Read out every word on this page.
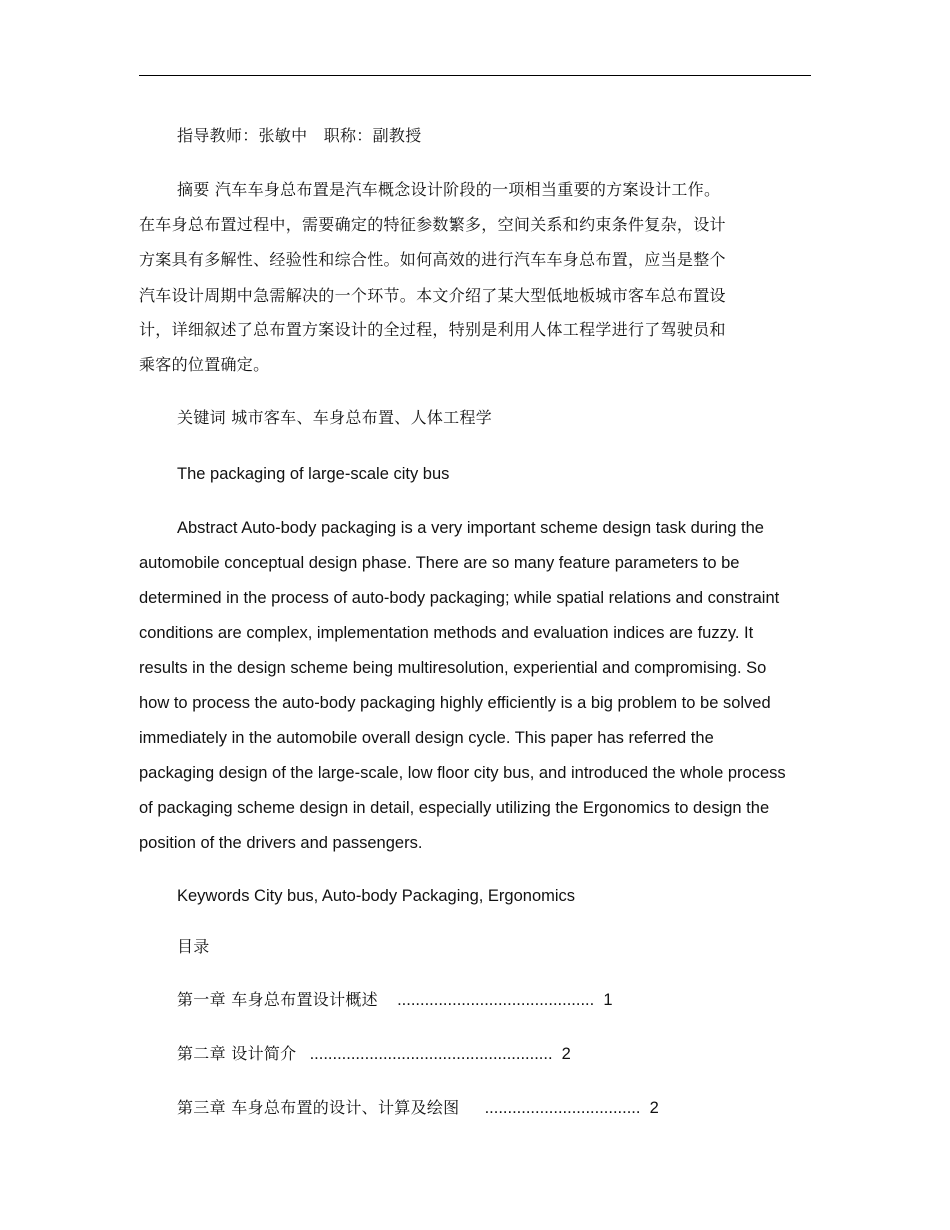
指导教师：张敏中　职称：副教授
摘要 汽车车身总布置是汽车概念设计阶段的一项相当重要的方案设计工作。
在车身总布置过程中，需要确定的特征参数繁多，空间关系和约束条件复杂，设计
方案具有多解性、经验性和综合性。如何高效的进行汽车车身总布置，应当是整个
汽车设计周期中急需解决的一个环节。本文介绍了某大型低地板城市客车总布置设
计，详细叙述了总布置方案设计的全过程，特别是利用人体工程学进行了驾驶员和
乘客的位置确定。
关键词 城市客车、车身总布置、人体工程学
The packaging of large-scale city bus
Abstract Auto-body packaging is a very important scheme design task during the
automobile conceptual design phase. There are so many feature parameters to be
determined in the process of auto-body packaging; while spatial relations and constraint
conditions are complex, implementation methods and evaluation indices are fuzzy. It
results in the design scheme being multiresolution, experiential and compromising. So
how to process the auto-body packaging highly efficiently is a big problem to be solved
immediately in the automobile overall design cycle. This paper has referred the
packaging design of the large-scale, low floor city bus, and introduced the whole process
of packaging scheme design in detail, especially utilizing the Ergonomics to design the
position of the drivers and passengers.
Keywords City bus, Auto-body Packaging, Ergonomics
目录
第一章 车身总布置设计概述 ........................................... 1
第二章 设计简介 ..................................................... 2
第三章 车身总布置的设计、计算及绘图 .................................. 2
